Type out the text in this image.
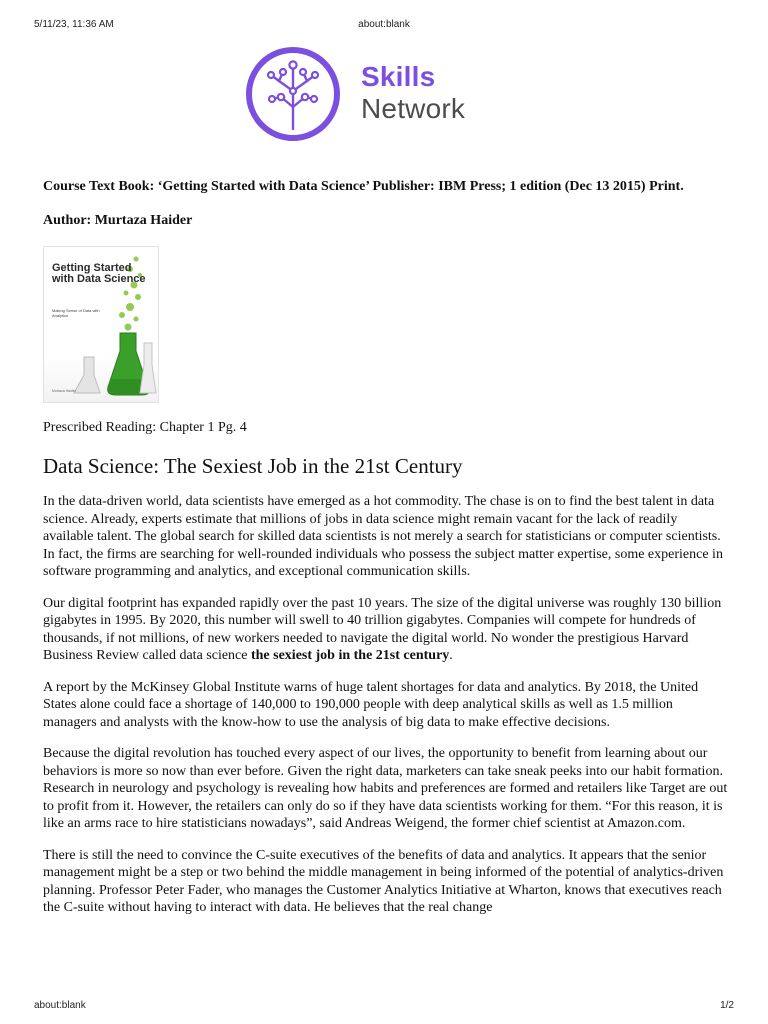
5/11/23, 11:36 AM	about:blank
Skills
Network

Course Text Book: ‘Getting Started with Data Science’ Publisher: IBM Press; 1 edition (Dec 13 2015) Print.

Author: Murtaza Haider

Getting Started with Data Science
Making Sense of Data with Analytics
Murtaza Haider
Prescribed Reading: Chapter 1 Pg. 4
Data Science: The Sexiest Job in the 21st Century

In the data-driven world, data scientists have emerged as a hot commodity. The chase is on to find the best talent in data science. Already, experts estimate that millions of jobs in data science might remain vacant for the lack of readily available talent. The global search for skilled data scientists is not merely a search for statisticians or computer scientists. In fact, the firms are searching for well-rounded individuals who possess the subject matter expertise, some experience in software programming and analytics, and exceptional communication skills.

Our digital footprint has expanded rapidly over the past 10 years. The size of the digital universe was roughly 130 billion gigabytes in 1995. By 2020, this number will swell to 40 trillion gigabytes. Companies will compete for hundreds of thousands, if not millions, of new workers needed to navigate the digital world. No wonder the prestigious Harvard Business Review called data science the sexiest job in the 21st century.

A report by the McKinsey Global Institute warns of huge talent shortages for data and analytics. By 2018, the United States alone could face a shortage of 140,000 to 190,000 people with deep analytical skills as well as 1.5 million managers and analysts with the know-how to use the analysis of big data to make effective decisions.

Because the digital revolution has touched every aspect of our lives, the opportunity to benefit from learning about our behaviors is more so now than ever before. Given the right data, marketers can take sneak peeks into our habit formation. Research in neurology and psychology is revealing how habits and preferences are formed and retailers like Target are out to profit from it. However, the retailers can only do so if they have data scientists working for them. “For this reason, it is like an arms race to hire statisticians nowadays”, said Andreas Weigend, the former chief scientist at Amazon.com.

There is still the need to convince the C-suite executives of the benefits of data and analytics. It appears that the senior management might be a step or two behind the middle management in being informed of the potential of analytics-driven planning. Professor Peter Fader, who manages the Customer Analytics Initiative at Wharton, knows that executives reach the C-suite without having to interact with data. He believes that the real change

about:blank	1/2
